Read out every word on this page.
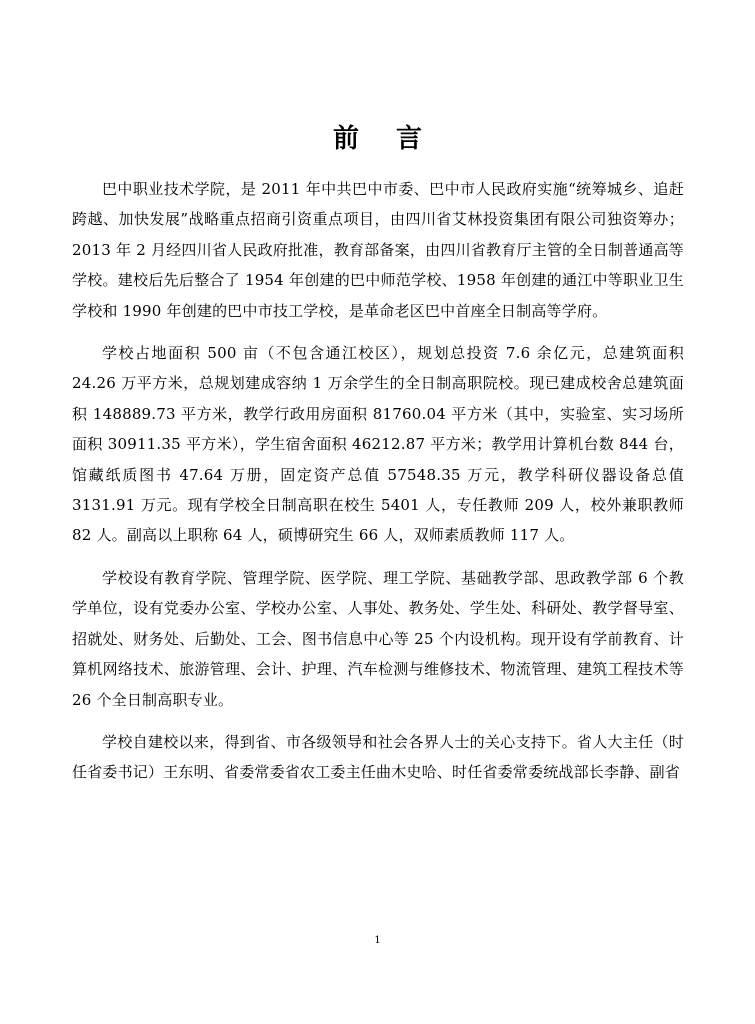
前 言

巴中职业技术学院，是 2011 年中共巴中市委、巴中市人民政府实施“统筹城乡、追赶跨越、加快发展”战略重点招商引资重点项目，由四川省艾林投资集团有限公司独资筹办；2013 年 2 月经四川省人民政府批准，教育部备案，由四川省教育厅主管的全日制普通高等学校。建校后先后整合了 1954 年创建的巴中师范学校、1958 年创建的通江中等职业卫生学校和 1990 年创建的巴中市技工学校，是革命老区巴中首座全日制高等学府。

学校占地面积 500 亩（不包含通江校区），规划总投资 7.6 余亿元，总建筑面积 24.26 万平方米，总规划建成容纳 1 万余学生的全日制高职院校。现已建成校舍总建筑面积 148889.73 平方米，教学行政用房面积 81760.04 平方米（其中，实验室、实习场所面积 30911.35 平方米），学生宿舍面积 46212.87 平方米；教学用计算机台数 844 台，馆藏纸质图书 47.64 万册，固定资产总值 57548.35 万元，教学科研仪器设备总值 3131.91 万元。现有学校全日制高职在校生 5401 人，专任教师 209 人，校外兼职教师 82 人。副高以上职称 64 人，硕博研究生 66 人，双师素质教师 117 人。

学校设有教育学院、管理学院、医学院、理工学院、基础教学部、思政教学部 6 个教学单位，设有党委办公室、学校办公室、人事处、教务处、学生处、科研处、教学督导室、招就处、财务处、后勤处、工会、图书信息中心等 25 个内设机构。现开设有学前教育、计算机网络技术、旅游管理、会计、护理、汽车检测与维修技术、物流管理、建筑工程技术等 26 个全日制高职专业。

学校自建校以来，得到省、市各级领导和社会各界人士的关心支持下。省人大主任（时任省委书记）王东明、省委常委省农工委主任曲木史哈、时任省委常委统战部长李静、副省

1
